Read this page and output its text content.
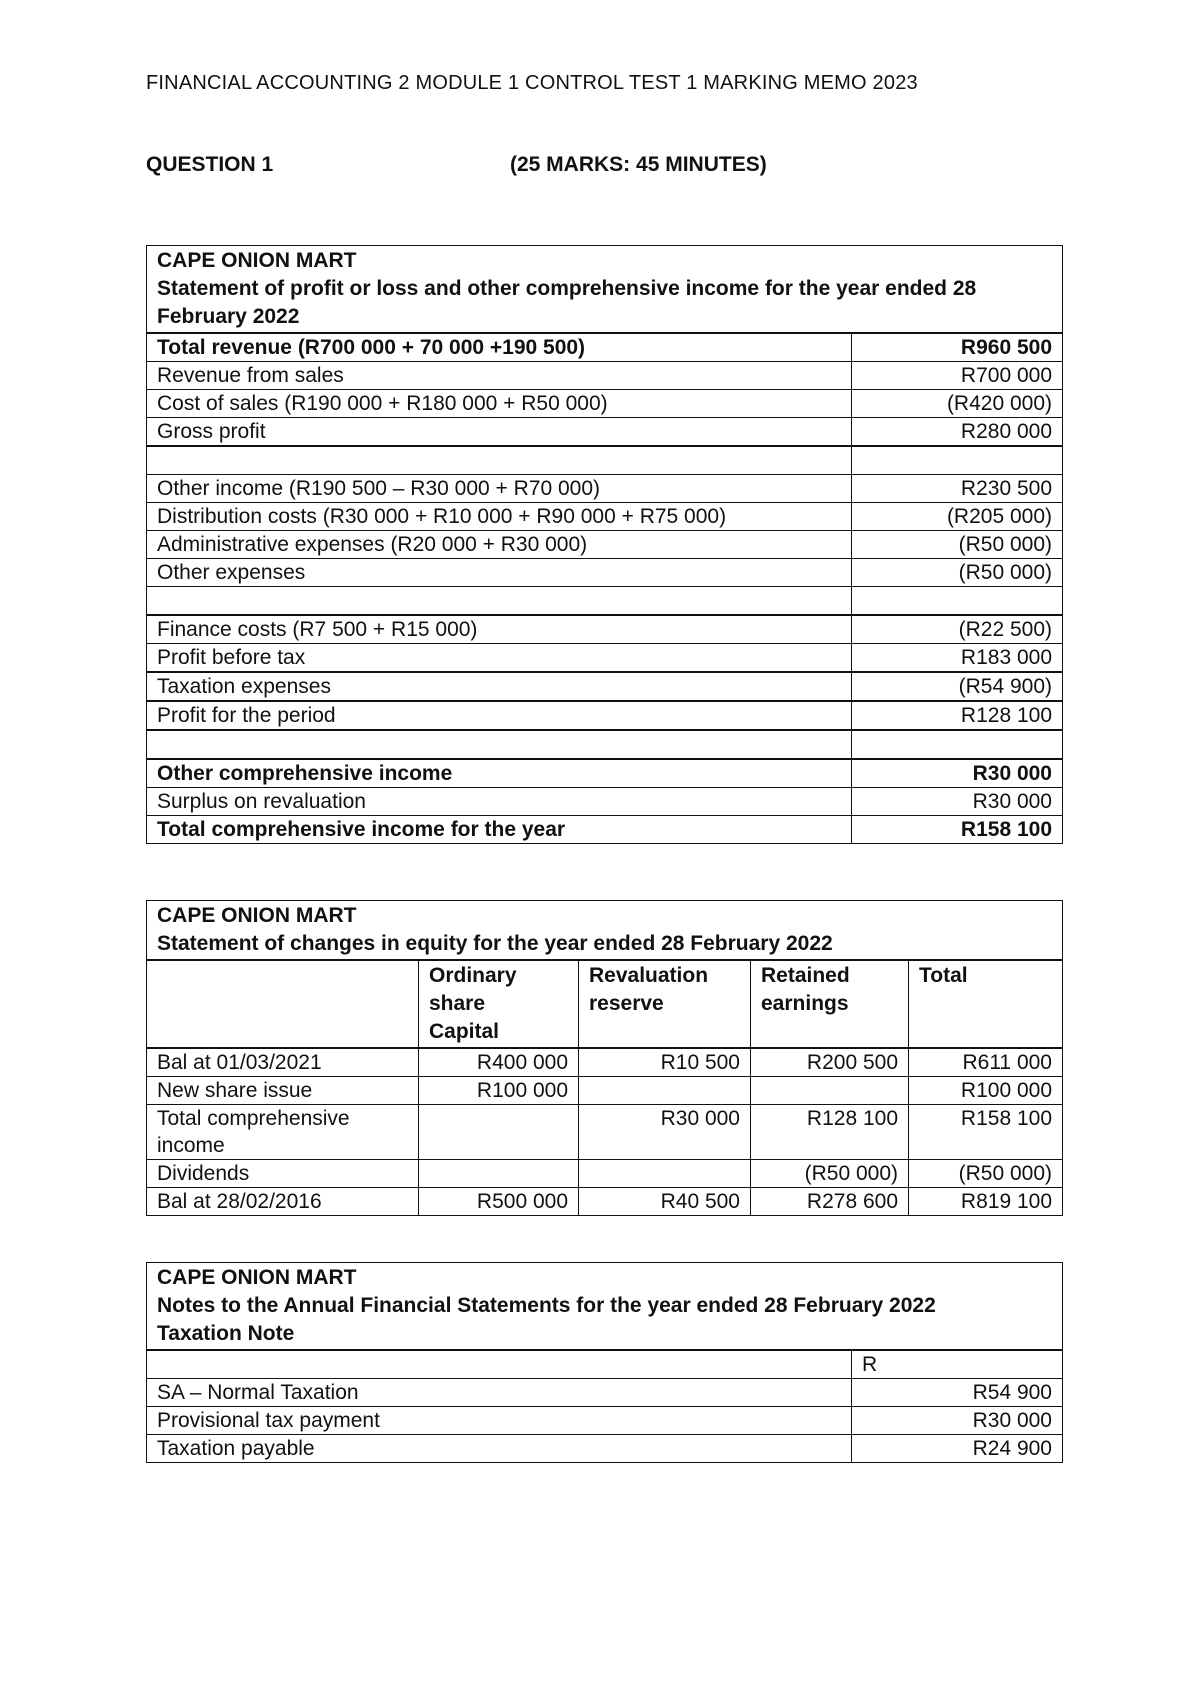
FINANCIAL ACCOUNTING 2 MODULE 1 CONTROL TEST 1 MARKING MEMO 2023
QUESTION 1	(25 MARKS: 45 MINUTES)
CAPE ONION MART
Statement of profit or loss and other comprehensive income for the year ended 28 February 2022	

Total revenue (R700 000 + 70 000 +190 500)	R960 500
Revenue from sales	R700 000
Cost of sales (R190 000 + R180 000 + R50 000)	(R420 000)
Gross profit	R280 000

Other income (R190 500 – R30 000 + R70 000)	R230 500
Distribution costs (R30 000 + R10 000 + R90 000 + R75 000)	(R205 000)
Administrative expenses (R20 000 + R30 000)	(R50 000)
Other expenses	(R50 000)

Finance costs (R7 500 + R15 000)	(R22 500)
Profit before tax	R183 000
Taxation expenses	(R54 900)
Profit for the period	R128 100

Other comprehensive income	R30 000
Surplus on revaluation	R30 000
Total comprehensive income for the year	R158 100
CAPE ONION MART
Statement of changes in equity for the year ended 28 February 2022				

	Ordinary share Capital	Revaluation reserve	Retained earnings	Total
Bal at 01/03/2021	R400 000	R10 500	R200 500	R611 000
New share issue	R100 000			R100 000
Total comprehensive income		R30 000	R128 100	R158 100
Dividends			(R50 000)	(R50 000)
Bal at 28/02/2016	R500 000	R40 500	R278 600	R819 100
CAPE ONION MART
Notes to the Annual Financial Statements for the year ended 28 February 2022
Taxation Note	

	R
SA – Normal Taxation	R54 900
Provisional tax payment	R30 000
Taxation payable	R24 900
